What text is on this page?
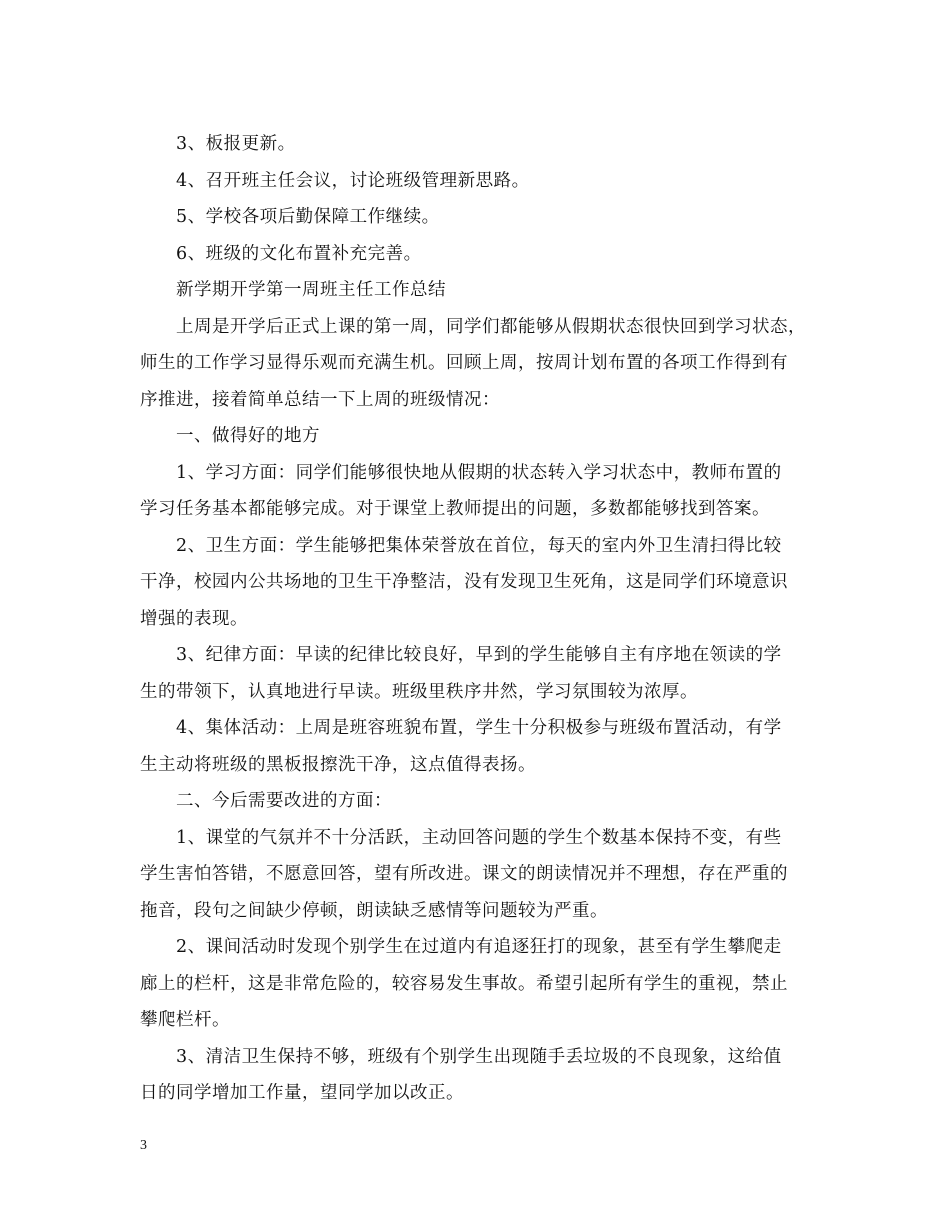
3、板报更新。
4、召开班主任会议，讨论班级管理新思路。
5、学校各项后勤保障工作继续。
6、班级的文化布置补充完善。
新学期开学第一周班主任工作总结
上周是开学后正式上课的第一周，同学们都能够从假期状态很快回到学习状态，
师生的工作学习显得乐观而充满生机。回顾上周，按周计划布置的各项工作得到有
序推进，接着简单总结一下上周的班级情况：
一、做得好的地方
1、学习方面：同学们能够很快地从假期的状态转入学习状态中，教师布置的
学习任务基本都能够完成。对于课堂上教师提出的问题，多数都能够找到答案。
2、卫生方面：学生能够把集体荣誉放在首位，每天的室内外卫生清扫得比较
干净，校园内公共场地的卫生干净整洁，没有发现卫生死角，这是同学们环境意识
增强的表现。
3、纪律方面：早读的纪律比较良好，早到的学生能够自主有序地在领读的学
生的带领下，认真地进行早读。班级里秩序井然，学习氛围较为浓厚。
4、集体活动：上周是班容班貌布置，学生十分积极参与班级布置活动，有学
生主动将班级的黑板报擦洗干净，这点值得表扬。
二、今后需要改进的方面：
1、课堂的气氛并不十分活跃，主动回答问题的学生个数基本保持不变，有些
学生害怕答错，不愿意回答，望有所改进。课文的朗读情况并不理想，存在严重的
拖音，段句之间缺少停顿，朗读缺乏感情等问题较为严重。
2、课间活动时发现个别学生在过道内有追逐狂打的现象，甚至有学生攀爬走
廊上的栏杆，这是非常危险的，较容易发生事故。希望引起所有学生的重视，禁止
攀爬栏杆。
3、清洁卫生保持不够，班级有个别学生出现随手丢垃圾的不良现象，这给值
日的同学增加工作量，望同学加以改正。
3
